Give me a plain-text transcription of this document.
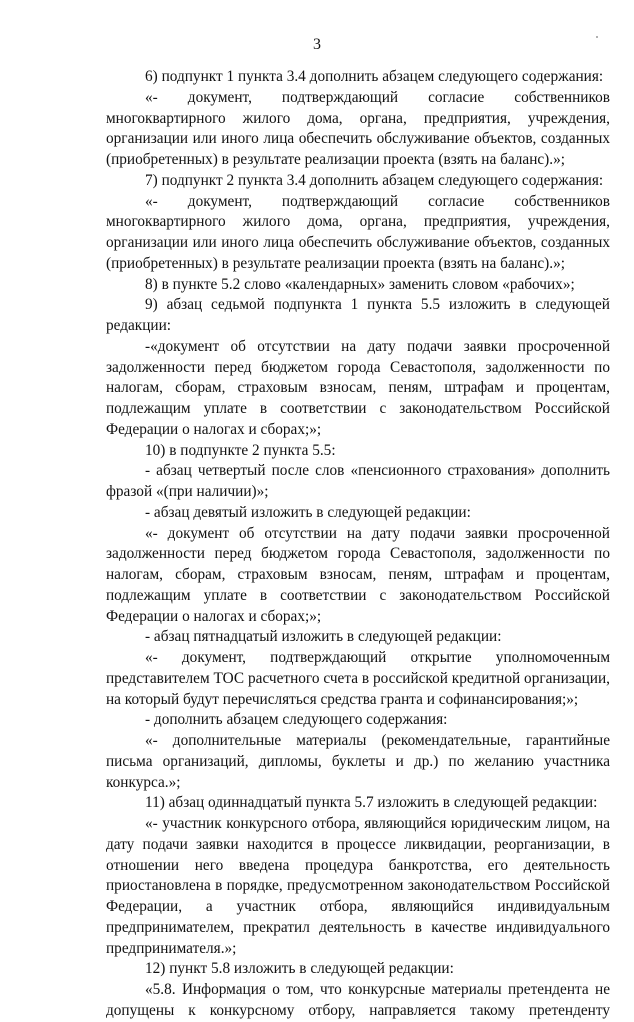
3

6) подпункт 1 пункта 3.4 дополнить абзацем следующего содержания:

«- документ, подтверждающий согласие собственников многоквартирного жилого дома, органа, предприятия, учреждения, организации или иного лица обеспечить обслуживание объектов, созданных (приобретенных) в результате реализации проекта (взять на баланс).»;

7) подпункт 2 пункта 3.4 дополнить абзацем следующего содержания:

«- документ, подтверждающий согласие собственников многоквартирного жилого дома, органа, предприятия, учреждения, организации или иного лица обеспечить обслуживание объектов, созданных (приобретенных) в результате реализации проекта (взять на баланс).»;

8) в пункте 5.2 слово «календарных» заменить словом «рабочих»;

9) абзац седьмой подпункта 1 пункта 5.5 изложить в следующей редакции:

-«документ об отсутствии на дату подачи заявки просроченной задолженности перед бюджетом города Севастополя, задолженности по налогам, сборам, страховым взносам, пеням, штрафам и процентам, подлежащим уплате в соответствии с законодательством Российской Федерации о налогах и сборах;»;

10) в подпункте 2 пункта 5.5:

- абзац четвертый после слов «пенсионного страхования» дополнить фразой «(при наличии)»;

- абзац девятый изложить в следующей редакции:

«- документ об отсутствии на дату подачи заявки просроченной задолженности перед бюджетом города Севастополя, задолженности по налогам, сборам, страховым взносам, пеням, штрафам и процентам, подлежащим уплате в соответствии с законодательством Российской Федерации о налогах и сборах;»;

- абзац пятнадцатый изложить в следующей редакции:

«- документ, подтверждающий открытие уполномоченным представителем ТОС расчетного счета в российской кредитной организации, на который будут перечисляться средства гранта и софинансирования;»;

- дополнить абзацем следующего содержания:

«- дополнительные материалы (рекомендательные, гарантийные письма организаций, дипломы, буклеты и др.) по желанию участника конкурса.»;

11) абзац одиннадцатый пункта 5.7 изложить в следующей редакции:

«- участник конкурсного отбора, являющийся юридическим лицом, на дату подачи заявки находится в процессе ликвидации, реорганизации, в отношении него введена процедура банкротства, его деятельность приостановлена в порядке, предусмотренном законодательством Российской Федерации, а участник отбора, являющийся индивидуальным предпринимателем, прекратил деятельность в качестве индивидуального предпринимателя.»;

12) пункт 5.8 изложить в следующей редакции:

«5.8. Информация о том, что конкурсные материалы претендента не допущены к конкурсному отбору, направляется такому претенденту
